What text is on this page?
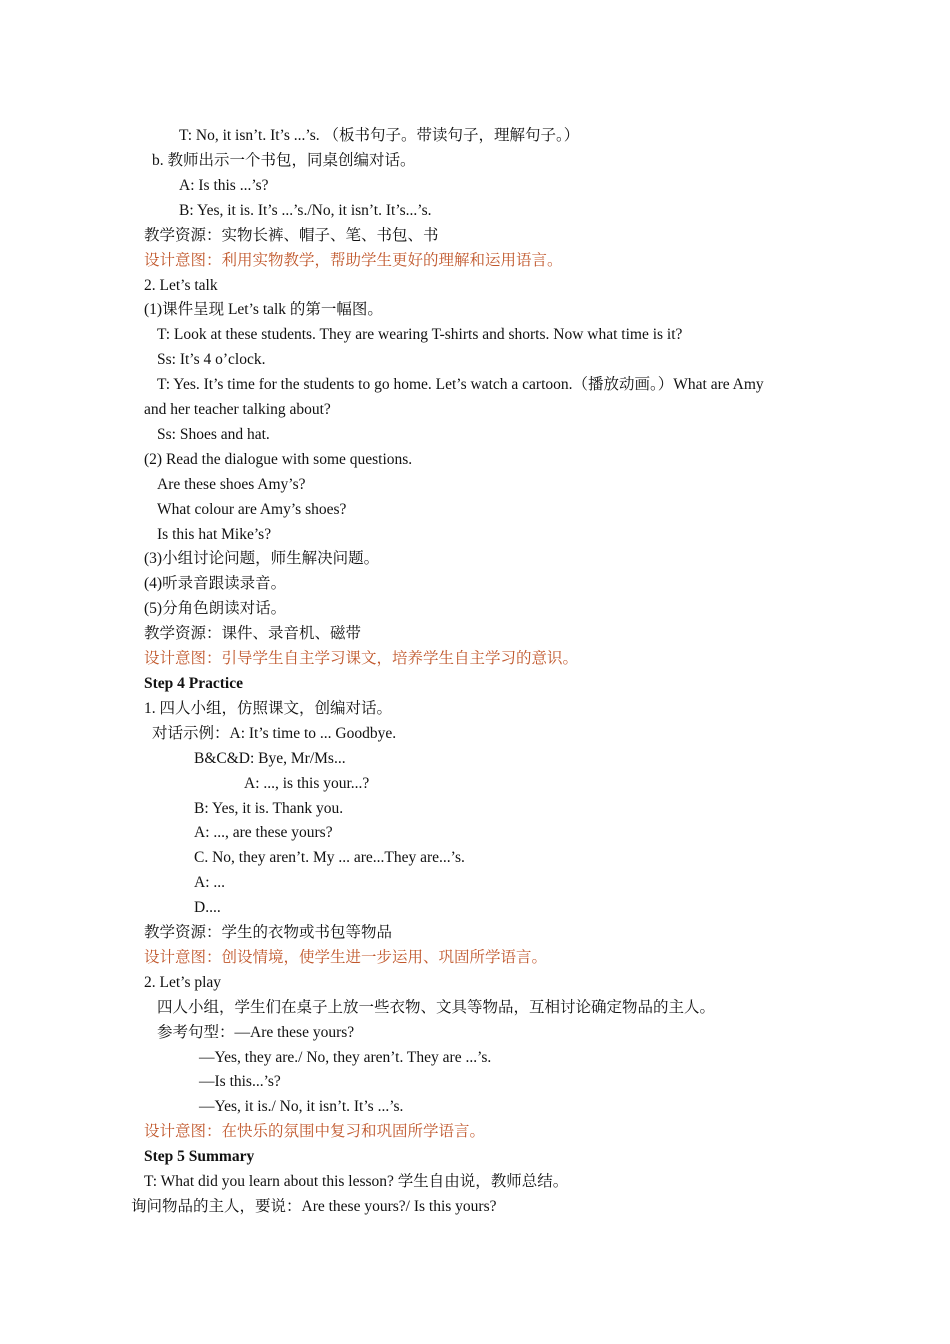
T: No, it isn’t. It’s ...’s. （板书句子。带读句子，理解句子。）
b. 教师出示一个书包，同桌创编对话。
A: Is this ...’s?
B: Yes, it is. It’s ...’s./No, it isn’t. It’s...’s.
教学资源：实物长裤、帽子、笔、书包、书
设计意图：利用实物教学，帮助学生更好的理解和运用语言。
2. Let’s talk
(1)课件呈现 Let’s talk 的第一幅图。
T: Look at these students. They are wearing T-shirts and shorts. Now what time is it?
Ss: It’s 4 o’clock.
T: Yes. It’s time for the students to go home. Let’s watch a cartoon.（播放动画。）What are Amy
and her teacher talking about?
Ss: Shoes and hat.
(2) Read the dialogue with some questions.
Are these shoes Amy’s?
What colour are Amy’s shoes?
Is this hat Mike’s?
(3)小组讨论问题，师生解决问题。
(4)听录音跟读录音。
(5)分角色朗读对话。
教学资源：课件、录音机、磁带
设计意图：引导学生自主学习课文，培养学生自主学习的意识。
Step 4 Practice
1. 四人小组，仿照课文，创编对话。
对话示例：A: It’s time to ... Goodbye.
B&C&D: Bye, Mr/Ms...
A: ..., is this your...?
B: Yes, it is. Thank you.
A: ..., are these yours?
C. No, they aren’t. My ... are...They are...’s.
A: ...
D....
教学资源：学生的衣物或书包等物品
设计意图：创设情境，使学生进一步运用、巩固所学语言。
2. Let’s play
四人小组，学生们在桌子上放一些衣物、文具等物品，互相讨论确定物品的主人。
参考句型：—Are these yours?
—Yes, they are./ No, they aren’t. They are ...’s.
—Is this...’s?
—Yes, it is./ No, it isn’t. It’s ...’s.
设计意图：在快乐的氛围中复习和巩固所学语言。
Step 5 Summary
T: What did you learn about this lesson? 学生自由说，教师总结。
询问物品的主人，要说：Are these yours?/ Is this yours?
